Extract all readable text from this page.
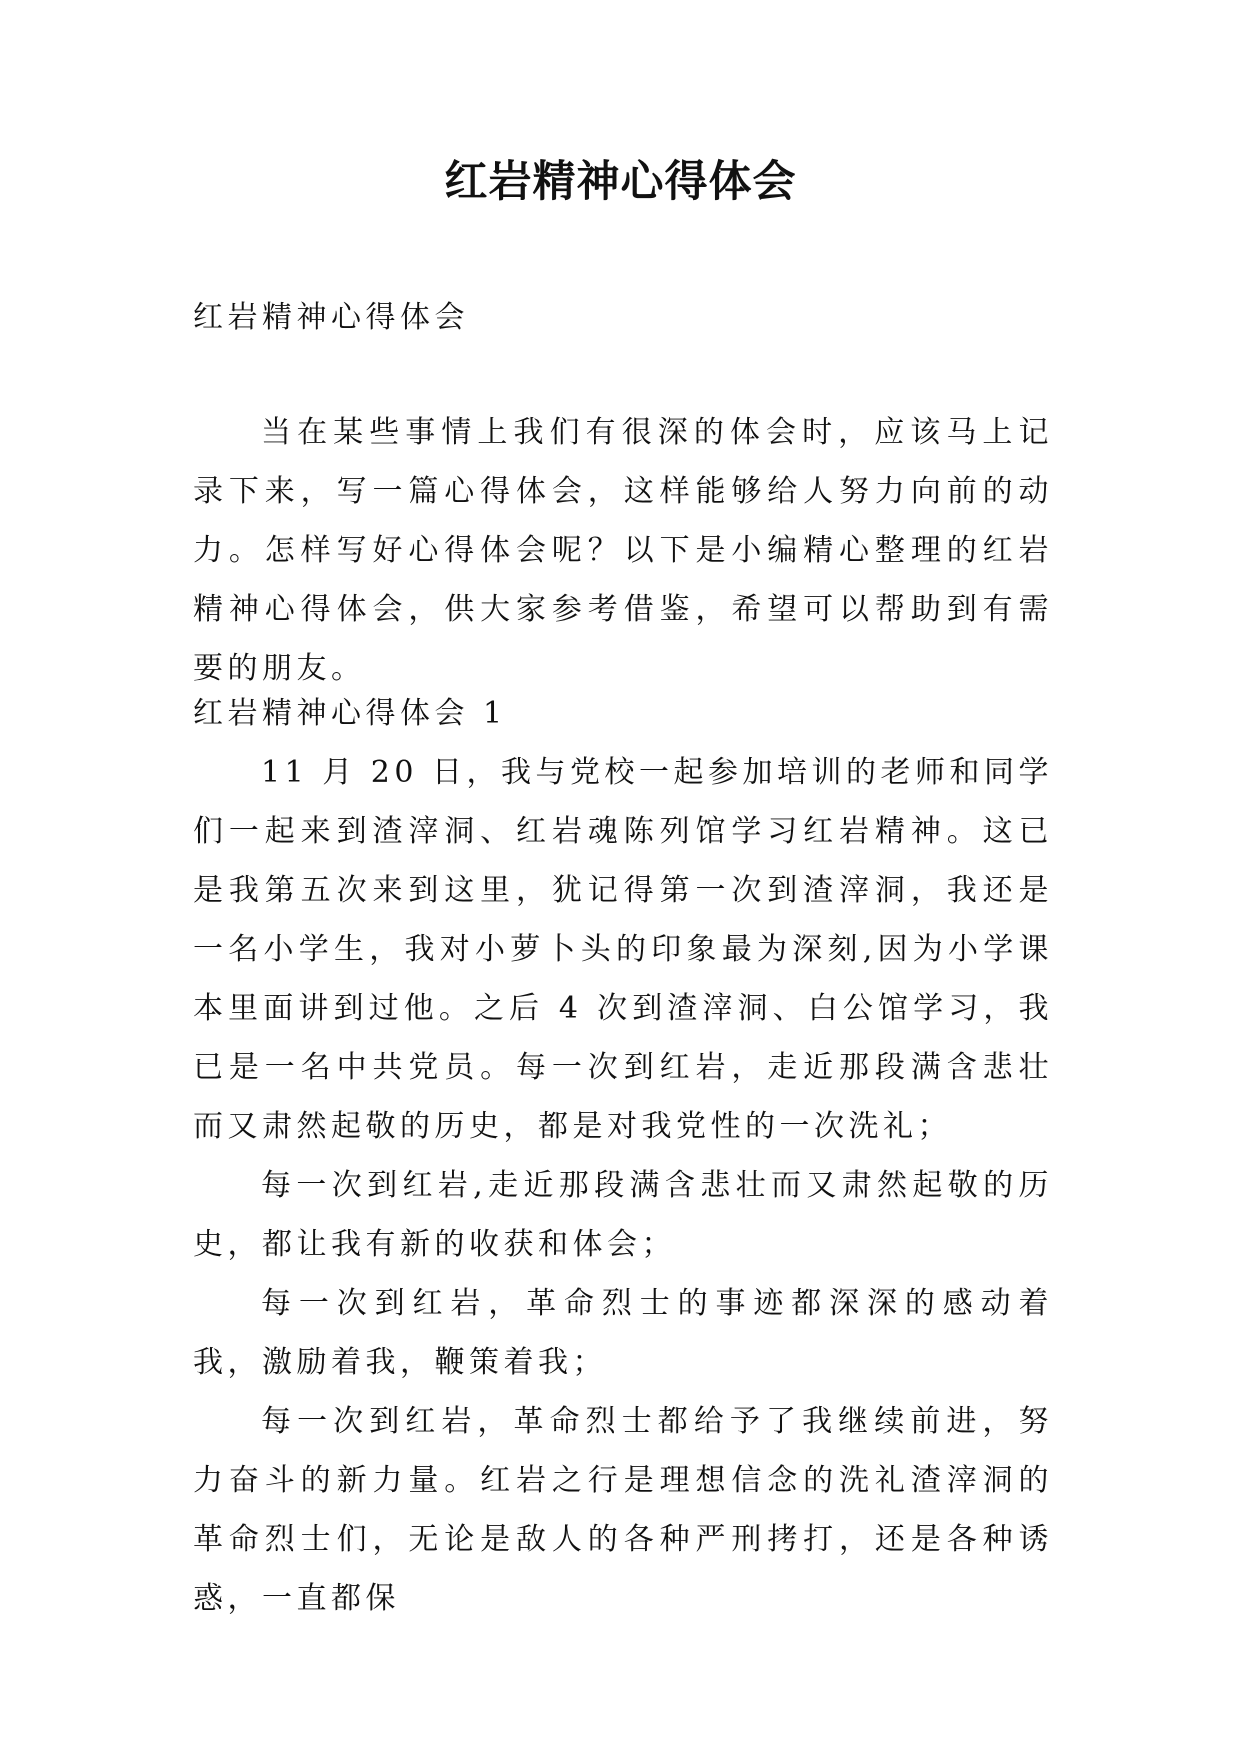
红岩精神心得体会

红岩精神心得体会

当在某些事情上我们有很深的体会时，应该马上记录下来，写一篇心得体会，这样能够给人努力向前的动力。怎样写好心得体会呢？以下是小编精心整理的红岩精神心得体会，供大家参考借鉴，希望可以帮助到有需要的朋友。

红岩精神心得体会 1

11 月 20 日，我与党校一起参加培训的老师和同学们一起来到渣滓洞、红岩魂陈列馆学习红岩精神。这已是我第五次来到这里，犹记得第一次到渣滓洞，我还是一名小学生，我对小萝卜头的印象最为深刻,因为小学课本里面讲到过他。之后 4 次到渣滓洞、白公馆学习，我已是一名中共党员。每一次到红岩，走近那段满含悲壮而又肃然起敬的历史，都是对我党性的一次洗礼；

每一次到红岩,走近那段满含悲壮而又肃然起敬的历史，都让我有新的收获和体会；

每一次到红岩，革命烈士的事迹都深深的感动着我，激励着我，鞭策着我；

每一次到红岩，革命烈士都给予了我继续前进，努力奋斗的新力量。红岩之行是理想信念的洗礼渣滓洞的革命烈士们，无论是敌人的各种严刑拷打，还是各种诱惑，一直都保
